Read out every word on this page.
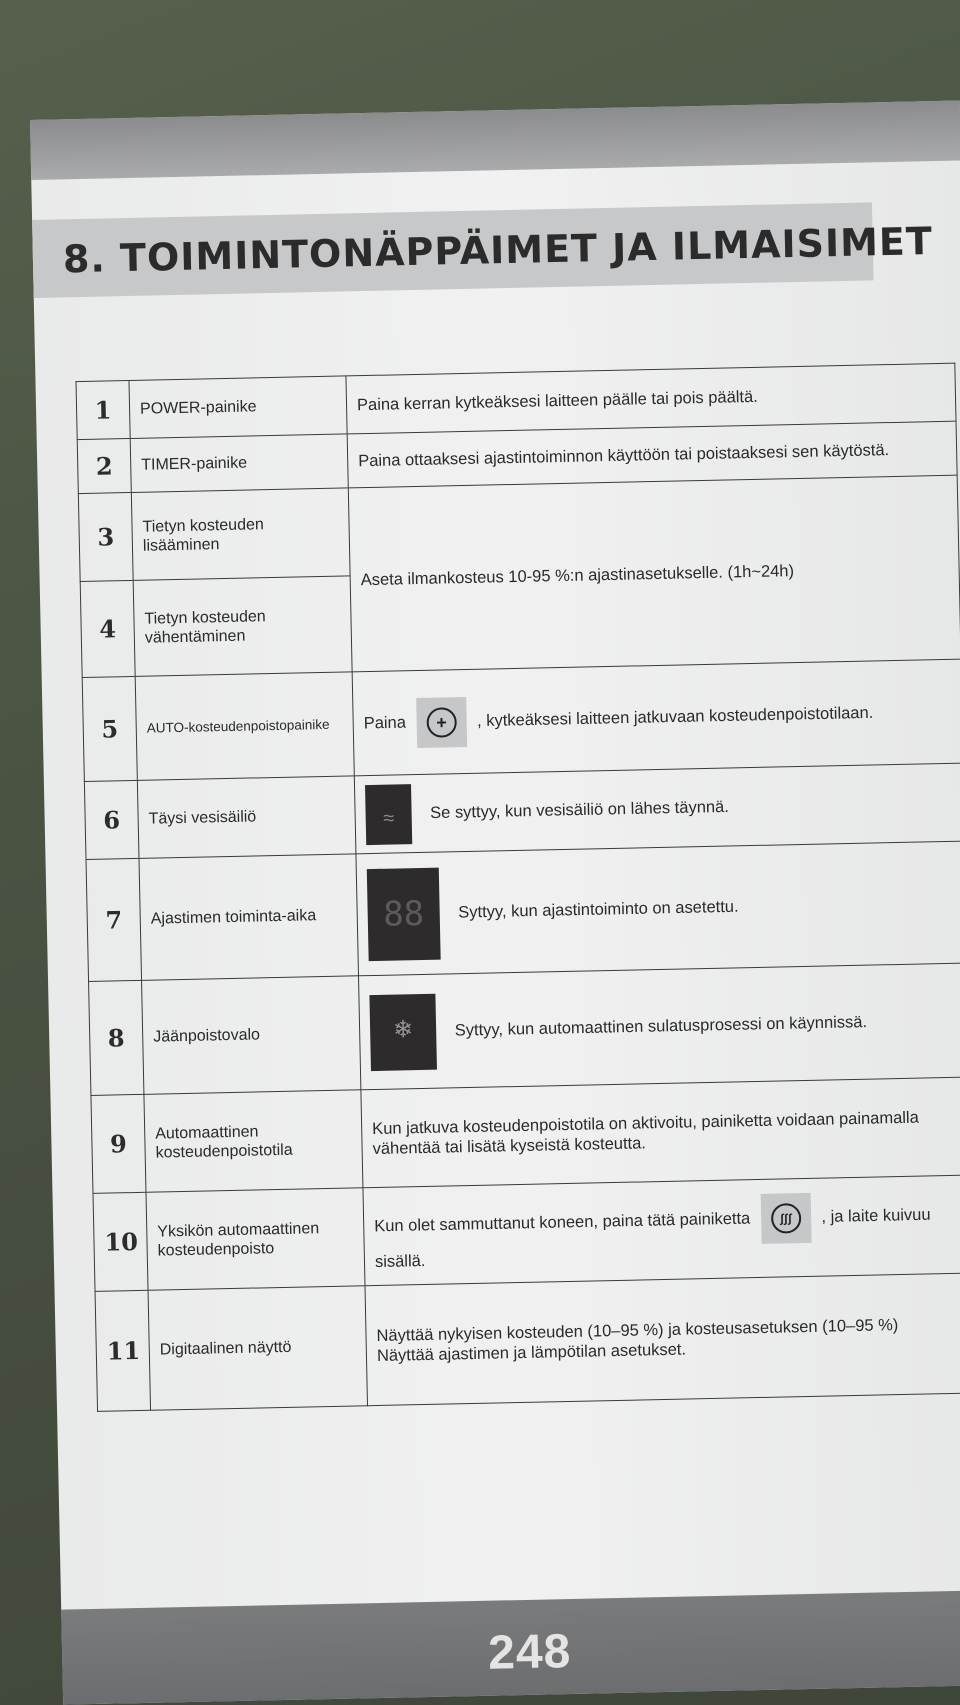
8. TOIMINTONÄPPÄIMET JA ILMAISIMET
1	POWER-painike	Paina kerran kytkeäksesi laitteen päälle tai pois päältä.
2	TIMER-painike	Paina ottaaksesi ajastintoiminnon käyttöön tai poistaaksesi sen käytöstä.
3	Tietyn kosteuden lisääminen	Aseta ilmankosteus 10-95 %:n ajastinasetukselle. (1h~24h)
4	Tietyn kosteuden vähentäminen	
5	AUTO-kosteudenpoistopainike	Paina + , kytkeäksesi laitteen jatkuvaan kosteudenpoistotilaan.
6	Täysi vesisäiliö	≈ Se syttyy, kun vesisäiliö on lähes täynnä.
7	Ajastimen toiminta-aika	88 Syttyy, kun ajastintoiminto on asetettu.
8	Jäänpoistovalo	❄ Syttyy, kun automaattinen sulatusprosessi on käynnissä.
9	Automaattinen kosteudenpoistotila	Kun jatkuva kosteudenpoistotila on aktivoitu, painiketta voidaan painamalla
vähentää tai lisätä kyseistä kosteutta.

10	Yksikön automaattinen kosteudenpoisto	Kun olet sammuttanut koneen, paina tätä painiketta ʃʃʃ , ja laite kuivuu
sisällä.

11	Digitaalinen näyttö	Näyttää nykyisen kosteuden (10–95 %) ja kosteusasetuksen (10–95 %)
Näyttää ajastimen ja lämpötilan asetukset.
248
